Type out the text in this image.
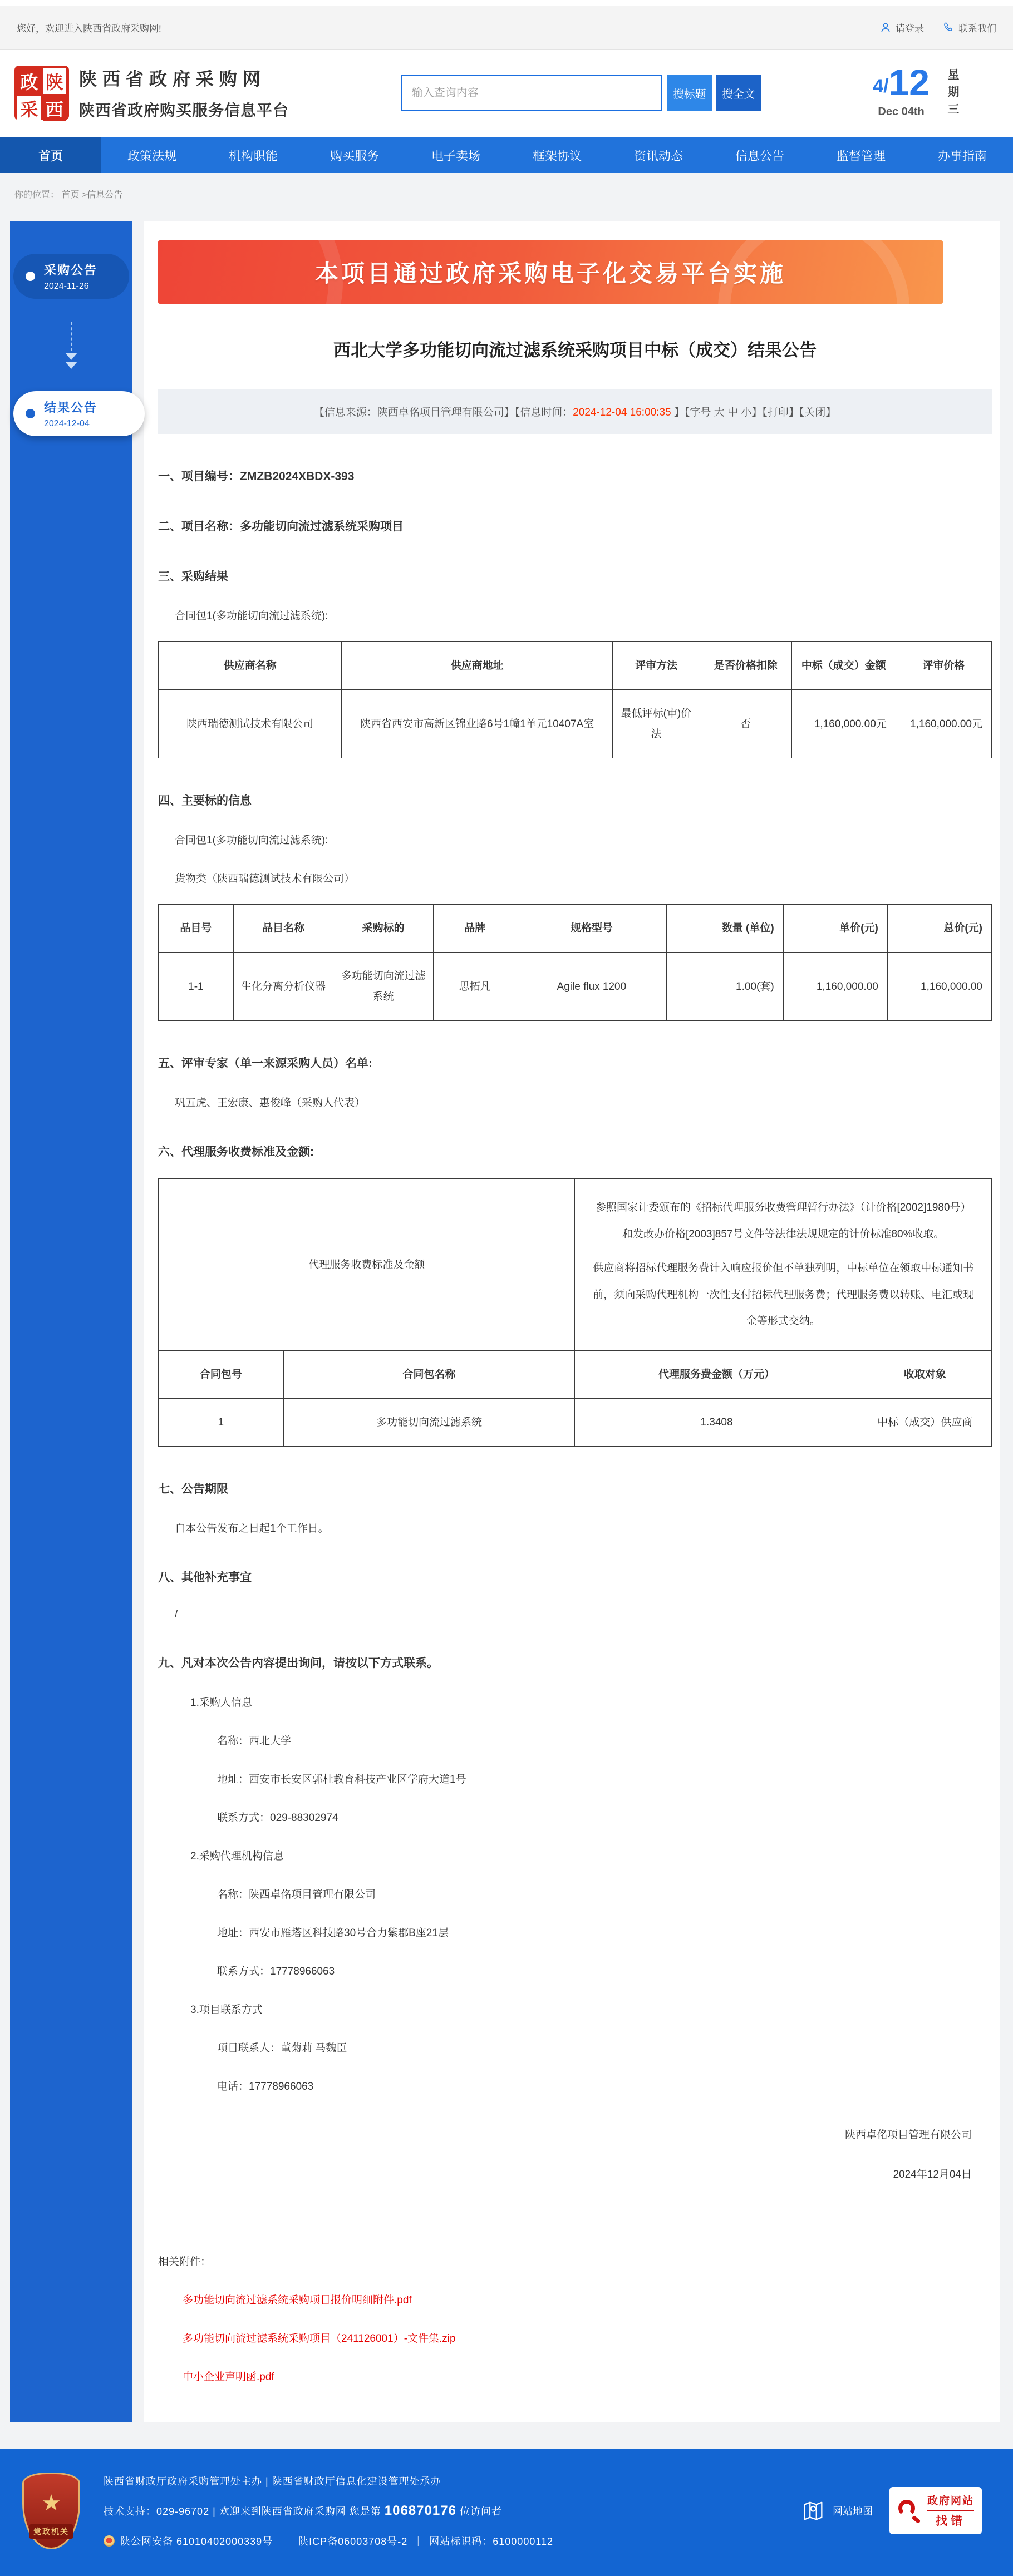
您好，欢迎进入陕西省政府采购网!	请登录	联系我们
政 陕
采 西
陕西省政府采购网
陕西省政府购买服务信息平台
输入查询内容
搜标题	搜全文	4/ 12
Dec 04th	星期三
首页	政策法规	机构职能	购买服务	电子卖场	框架协议	资讯动态	信息公告	监督管理	办事指南
你的位置： 首页 >信息公告
采购公告
2024-11-26
结果公告
2024-12-04
本项目通过政府采购电子化交易平台实施
西北大学多功能切向流过滤系统采购项目中标（成交）结果公告
【信息来源：陕西卓佲项目管理有限公司】【信息时间：2024-12-04 16:00:35 】【字号 大 中 小】【打印】【关闭】
一、项目编号：ZMZB2024XBDX-393
二、项目名称：多功能切向流过滤系统采购项目
三、采购结果

合同包1(多功能切向流过滤系统):

供应商名称	供应商地址	评审方法	是否价格扣除	中标（成交）金额	评审价格
陕西瑞德测试技术有限公司	陕西省西安市高新区锦业路6号1幢1单元10407A室	最低评标(审)价法	否	1,160,000.00元	1,160,000.00元
四、主要标的信息

合同包1(多功能切向流过滤系统):

货物类（陕西瑞德测试技术有限公司）

品目号	品目名称	采购标的	品牌	规格型号	数量 (单位)	单价(元)	总价(元)
1-1	生化分离分析仪器	多功能切向流过滤系统	思拓凡	Agile flux 1200	1.00(套)	1,160,000.00	1,160,000.00
五、评审专家（单一来源采购人员）名单:

巩五虎、王宏康、惠俊峰（采购人代表）

六、代理服务收费标准及金额:
代理服务收费标准及金额		参照国家计委颁布的《招标代理服务收费管理暂行办法》（计价格[2002]1980号）和发改办价格[2003]857号文件等法律法规规定的计价标准80%收取。

供应商将招标代理服务费计入响应报价但不单独列明，中标单位在领取中标通知书前，须向采购代理机构一次性支付招标代理服务费；代理服务费以转账、电汇或现金等形式交纳。	

合同包号	合同包名称	代理服务费金额（万元）	收取对象
1	多功能切向流过滤系统	1.3408	中标（成交）供应商
七、公告期限

自本公告发布之日起1个工作日。

八、其他补充事宜

/

九、凡对本次公告内容提出询问，请按以下方式联系。

1.采购人信息

名称：西北大学

地址：西安市长安区郭杜教育科技产业区学府大道1号

联系方式：029-88302974

2.采购代理机构信息

名称：陕西卓佲项目管理有限公司

地址：西安市雁塔区科技路30号合力紫郡B座21层

联系方式：17778966063

3.项目联系方式

项目联系人：董菊莉 马魏臣

电话：17778966063

陕西卓佲项目管理有限公司
2024年12月04日
相关附件：
多功能切向流过滤系统采购项目报价明细附件.pdf
多功能切向流过滤系统采购项目（241126001）-文件集.zip
中小企业声明函.pdf
★
党政机关
陕西省财政厅政府采购管理处主办 | 陕西省财政厅信息化建设管理处承办
技术支持：029-96702 | 欢迎来到陕西省政府采购网 您是第 106870176 位访问者
陕公网安备 61010402000339号	陕ICP备06003708号-2 ｜ 网站标识码：6100000112
网站地图
政府网站
找错
